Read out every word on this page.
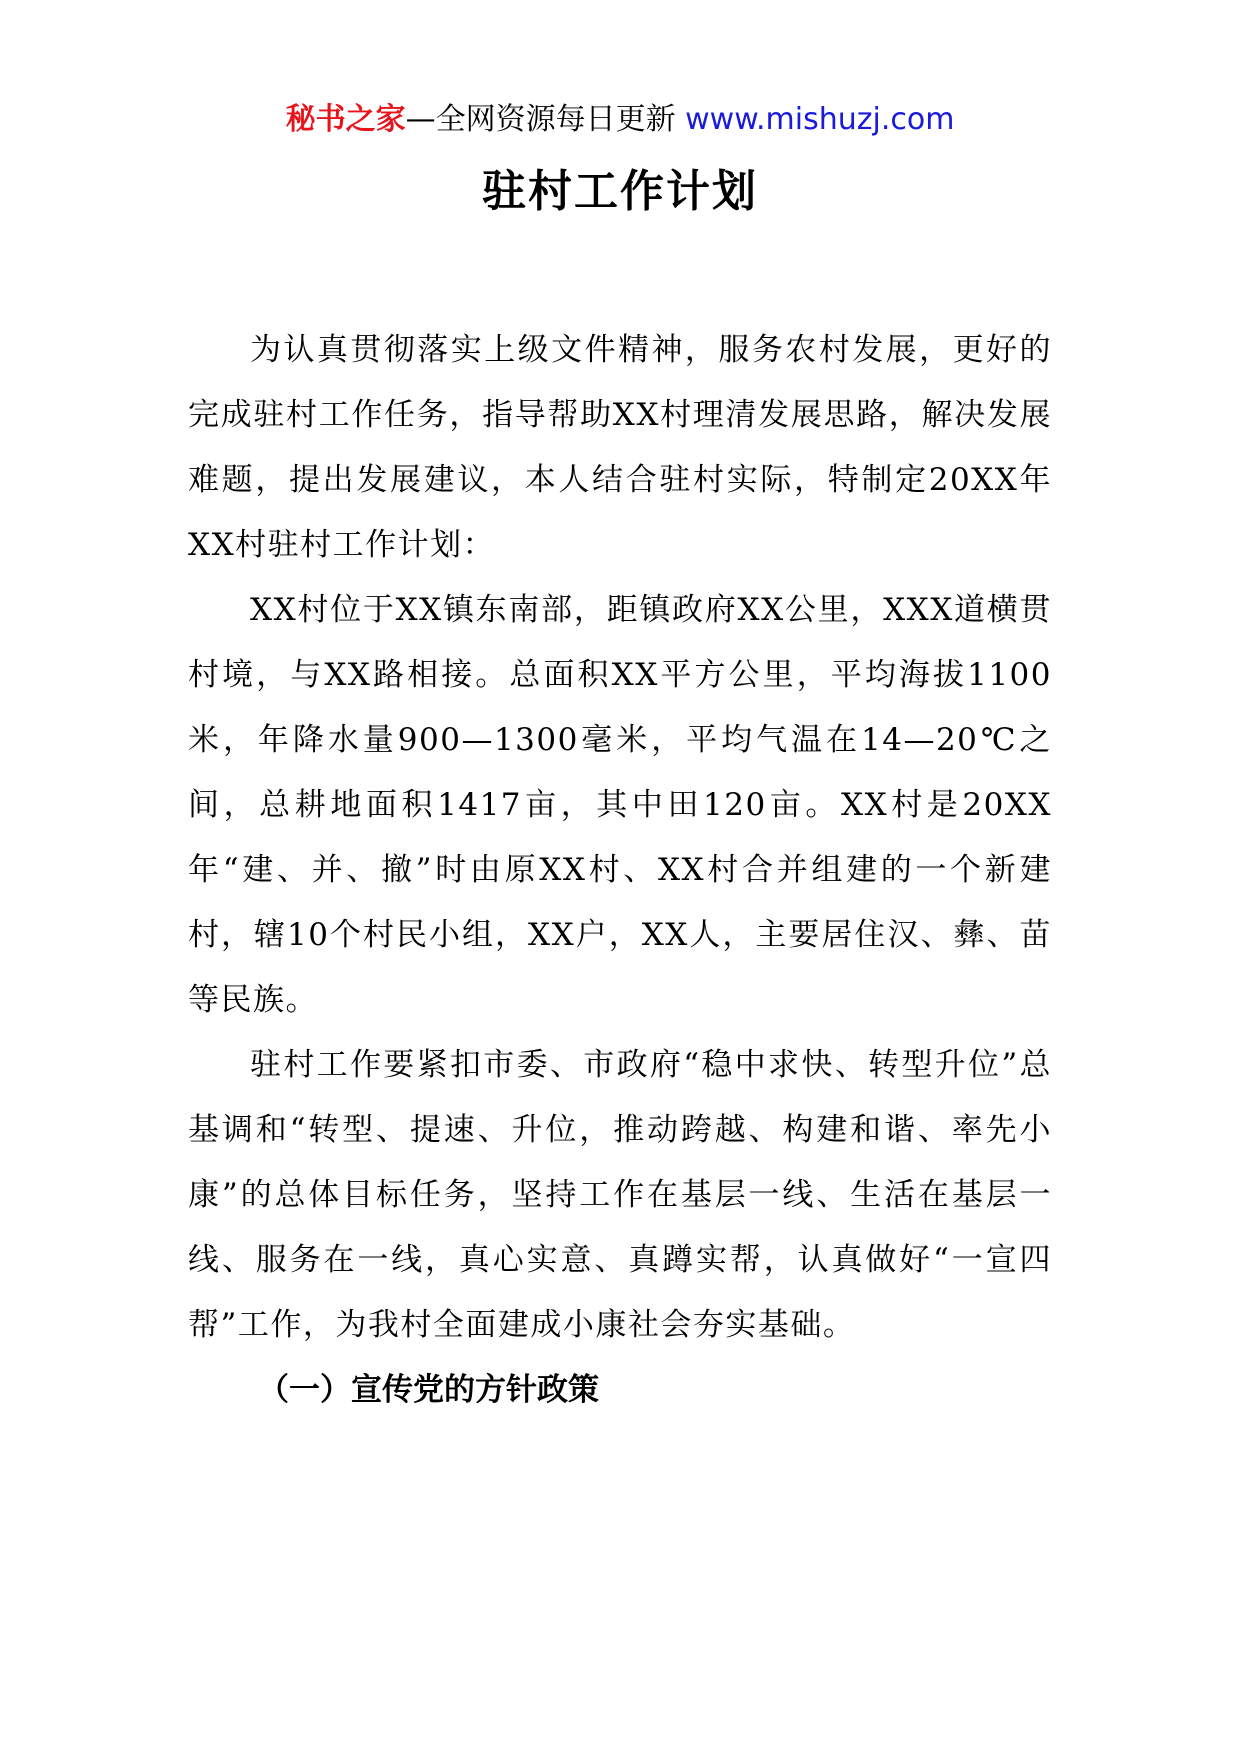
秘书之家—全网资源每日更新 www.mishuzj.com
驻村工作计划

为认真贯彻落实上级文件精神，服务农村发展，更好的完成驻村工作任务，指导帮助XX村理清发展思路，解决发展难题，提出发展建议，本人结合驻村实际，特制定20XX年XX村驻村工作计划：

XX村位于XX镇东南部，距镇政府XX公里，XXX道横贯村境，与XX路相接。总面积XX平方公里，平均海拔1100米，年降水量900—1300毫米，平均气温在14—20℃之间，总耕地面积1417亩，其中田120亩。XX村是20XX年“建、并、撤”时由原XX村、XX村合并组建的一个新建村，辖10个村民小组，XX户，XX人，主要居住汉、彝、苗等民族。

驻村工作要紧扣市委、市政府“稳中求快、转型升位”总基调和“转型、提速、升位，推动跨越、构建和谐、率先小康”的总体目标任务，坚持工作在基层一线、生活在基层一线、服务在一线，真心实意、真蹲实帮，认真做好“一宣四帮”工作，为我村全面建成小康社会夯实基础。

（一）宣传党的方针政策
